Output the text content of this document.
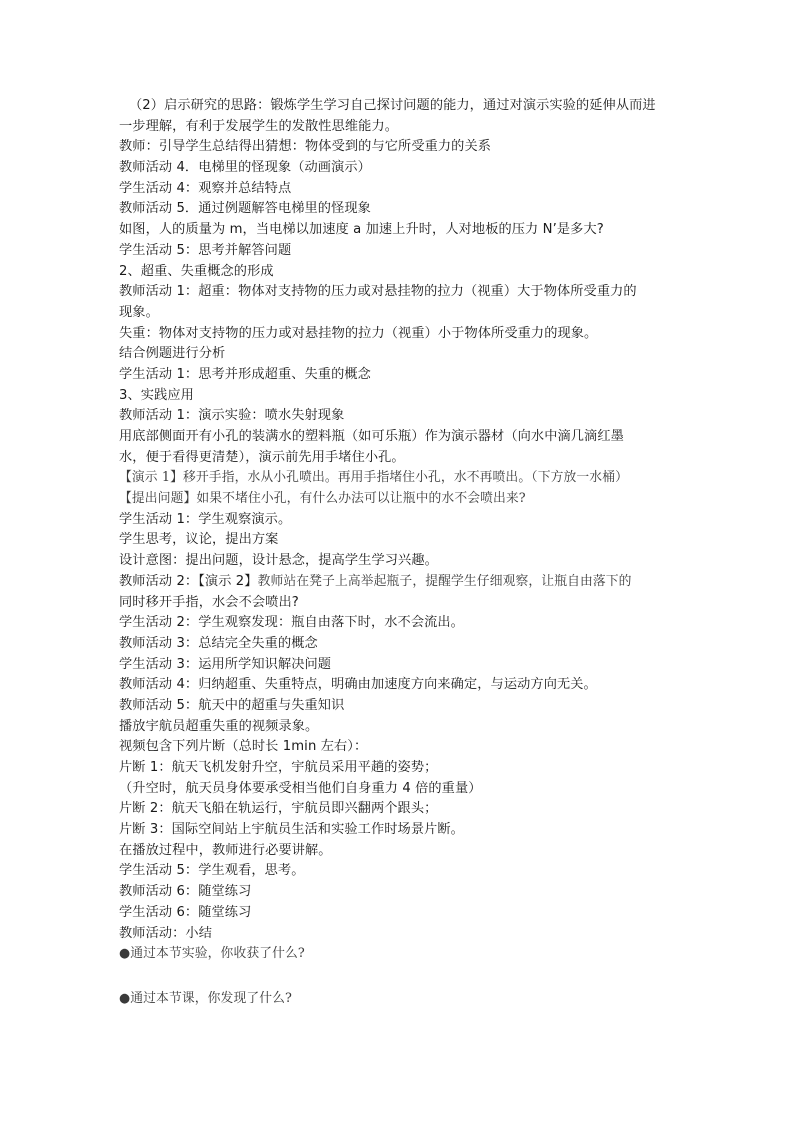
（2）启示研究的思路：锻炼学生学习自己探讨问题的能力，通过对演示实验的延伸从而进
一步理解，有利于发展学生的发散性思维能力。
教师：引导学生总结得出猜想：物体受到的与它所受重力的关系
教师活动 4．电梯里的怪现象（动画演示）
学生活动 4：观察并总结特点
教师活动 5．通过例题解答电梯里的怪现象
如图，人的质量为 m，当电梯以加速度 a 加速上升时，人对地板的压力 N’是多大?
学生活动 5：思考并解答问题
2、超重、失重概念的形成
教师活动 1：超重：物体对支持物的压力或对悬挂物的拉力（视重）大于物体所受重力的
现象。
失重：物体对支持物的压力或对悬挂物的拉力（视重）小于物体所受重力的现象。
结合例题进行分析
学生活动 1：思考并形成超重、失重的概念
3、实践应用
教师活动 1：演示实验：喷水失射现象
用底部侧面开有小孔的装满水的塑料瓶（如可乐瓶）作为演示器材（向水中滴几滴红墨
水，便于看得更清楚），演示前先用手堵住小孔。
【演示 1】移开手指，水从小孔喷出。再用手指堵住小孔，水不再喷出。（下方放一水桶）
【提出问题】如果不堵住小孔，有什么办法可以让瓶中的水不会喷出来?
学生活动 1：学生观察演示。
学生思考，议论，提出方案
设计意图：提出问题，设计悬念，提高学生学习兴趣。
教师活动 2：【演示 2】教师站在凳子上高举起瓶子，提醒学生仔细观察，让瓶自由落下的
同时移开手指，水会不会喷出?
学生活动 2：学生观察发现：瓶自由落下时，水不会流出。
教师活动 3：总结完全失重的概念
学生活动 3：运用所学知识解决问题
教师活动 4：归纳超重、失重特点，明确由加速度方向来确定，与运动方向无关。
教师活动 5：航天中的超重与失重知识
播放宇航员超重失重的视频录象。
视频包含下列片断（总时长 1min 左右）：
片断 1：航天飞机发射升空，宇航员采用平趟的姿势；
（升空时，航天员身体要承受相当他们自身重力 4 倍的重量）
片断 2：航天飞船在轨运行，宇航员即兴翻两个跟头；
片断 3：国际空间站上宇航员生活和实验工作时场景片断。
在播放过程中，教师进行必要讲解。
学生活动 5：学生观看，思考。
教师活动 6：随堂练习
学生活动 6：随堂练习
教师活动：小结
●通过本节实验，你收获了什么?
●通过本节课，你发现了什么?
